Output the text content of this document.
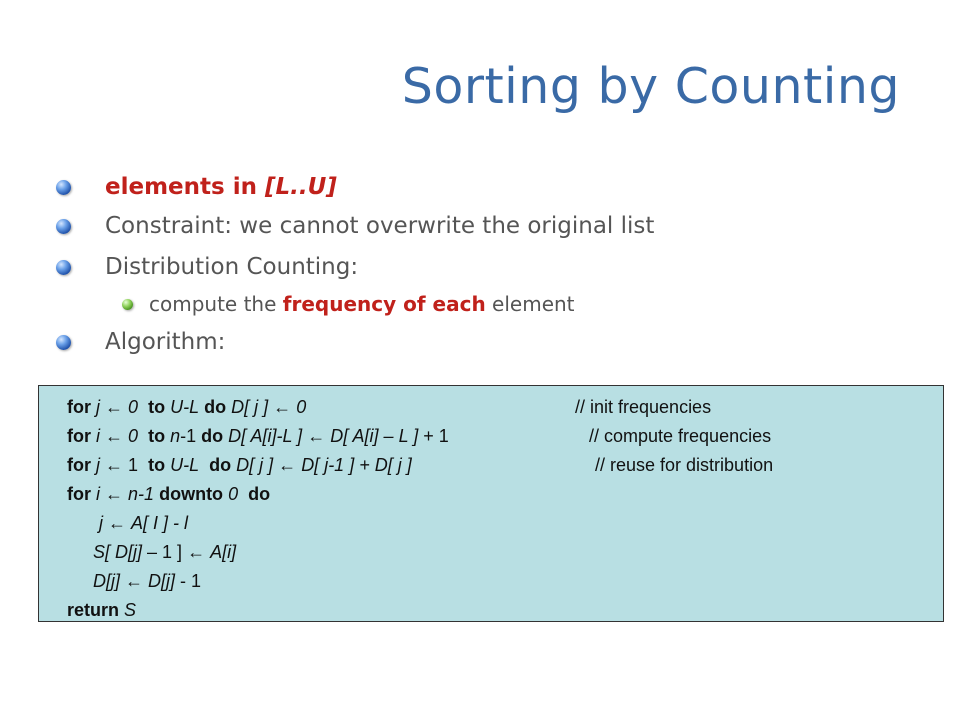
Sorting by Counting
elements in [L..U]
Constraint: we cannot overwrite the original list
Distribution Counting:
compute the frequency of each element
Algorithm:
for j ← 0 to U-L do D[ j ] ← 0	// init frequencies
for i ← 0 to n-1 do D[ A[i]-L ] ← D[ A[i] – L ] + 1	// compute frequencies
for j ← 1 to U-L do D[ j ] ← D[ j-1 ] + D[ j ]	// reuse for distribution
for i ← n-1 downto 0 do
j ← A[ I ] - l
S[ D[j] – 1 ] ← A[i]
D[j] ← D[j] - 1
return S
